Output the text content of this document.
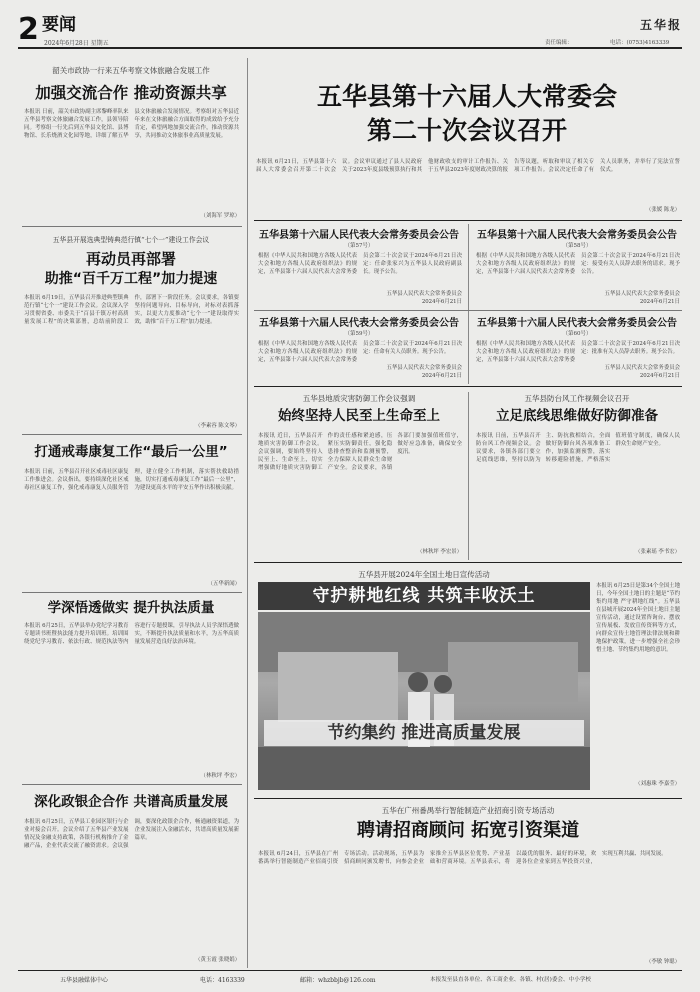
2 要闻
2024年6月28日 星期五
五华报
责任编辑：	电话：(0753)4163339
韶关市政协一行来五华考察文体旅融合发展工作
加强交流合作 推动资源共享
本报讯 日前，韶关市政协副主席黎峰率队来五华县考察文体旅融合发展工作，县领导陪同。考察组一行先后到五华县文化馆、县博物馆、长乐烧酒文化园等地，详细了解五华县文体旅融合发展情况。考察组对五华县近年来在文体旅融合方面取得的成效给予充分肯定，希望两地加强交流合作，推动资源共享，共同推动文体旅事业高质量发展。
（刘海军 罗琼）
五华县开展选典型铸典范行镇“七个一”建设工作会议
再动员再部署
助推“百千万工程”加力提速
本报讯 6月19日，五华县召开推进典型镇典范行镇“七个一”建设工作会议。会议深入学习贯彻省委、市委关于“百县千镇万村高质量发展工程”的决策部署，总结前阶段工作，部署下一阶段任务。会议要求，各镇要坚持问题导向、目标导向，对标对表抓落实，以更大力度推动“七个一”建设取得实效，助推“百千万工程”加力提速。
（李素容 陈文琴）
打通戒毒康复工作“最后一公里”
本报讯 日前，五华县召开社区戒毒社区康复工作推进会。会议指出，要持续深化社区戒毒社区康复工作，强化戒毒康复人员服务管理，建立健全工作机制，落实帮扶救助措施，切实打通戒毒康复工作“最后一公里”，为建设更高水平的平安五华作出积极贡献。
（五华新闻）
学深悟透做实 提升执法质量
本报讯 6月25日，五华县举办党纪学习教育专题读书班暨执法能力提升培训班。培训围绕党纪学习教育、依法行政、规范执法等内容进行专题授课，引导执法人员学深悟透做实，不断提升执法质量和水平，为五华高质量发展营造良好法治环境。
（林秋坪 李宏）
深化政银企合作 共谱高质量发展
本报讯 6月25日，五华县工业园区银行与企业对接会召开。会议介绍了五华县产业发展情况及金融支持政策，各银行机构推介了金融产品，企业代表交流了融资需求。会议强调，要深化政银企合作，畅通融资渠道，为企业发展注入金融活水，共谱高质量发展新篇章。
（黄玉霞 张晓娟）
五华县第十六届人大常委会
第二十次会议召开
本报讯 6月21日，五华县第十六届人大常委会召开第二十次会议。会议审议通过了县人民政府关于2023年度县级预算执行和其他财政收支的审计工作报告、关于五华县2023年度财政决算的报告等议题，听取和审议了相关专项工作报告。会议决定任命了有关人员职务，并举行了宪法宣誓仪式。
（张媛 陈龙）
五华县第十六届人民代表大会常务委员会公告
（第57号）
根据《中华人民共和国地方各级人民代表大会和地方各级人民政府组织法》的规定，五华县第十六届人民代表大会常务委员会第二十次会议于2024年6月21日决定：任命张家兴为五华县人民政府副县长。现予公告。
五华县人民代表大会常务委员会
2024年6月21日
五华县第十六届人民代表大会常务委员会公告
（第58号）
根据《中华人民共和国地方各级人民代表大会和地方各级人民政府组织法》的规定，五华县第十六届人民代表大会常务委员会第二十次会议于2024年6月21日决定：接受有关人员辞去职务的请求。现予公告。
五华县人民代表大会常务委员会
2024年6月21日
五华县第十六届人民代表大会常务委员会公告
（第59号）
根据《中华人民共和国地方各级人民代表大会和地方各级人民政府组织法》的规定，五华县第十六届人民代表大会常务委员会第二十次会议于2024年6月21日决定：任命有关人员职务。现予公告。
五华县人民代表大会常务委员会
2024年6月21日
五华县第十六届人民代表大会常务委员会公告
（第60号）
根据《中华人民共和国地方各级人民代表大会和地方各级人民政府组织法》的规定，五华县第十六届人民代表大会常务委员会第二十次会议于2024年6月21日决定：批准有关人员辞去职务。现予公告。
五华县人民代表大会常务委员会
2024年6月21日
五华县地质灾害防御工作会议强调
始终坚持人民至上生命至上
本报讯 近日，五华县召开地质灾害防御工作会议。会议强调，要始终坚持人民至上、生命至上，切实增强做好地质灾害防御工作的责任感和紧迫感，压紧压实防御责任，强化隐患排查整治和监测预警，全力保障人民群众生命财产安全。会议要求，各镇各部门要加强值班值守，做好应急准备，确保安全度汛。
（林秋坪 李宏景）
五华县防台风工作视频会议召开
立足底线思维做好防御准备
本报讯 日前，五华县召开防台风工作视频会议。会议要求，各镇各部门要立足底线思维，坚持以防为主、防抗救相结合，全面做好防御台风各项准备工作，加强监测预警，落实转移避险措施，严格落实值班值守制度，确保人民群众生命财产安全。
（张素瑶 李书宏）
五华县开展2024年全国土地日宣传活动
守护耕地红线 共筑丰收沃土
节约集约 推进高质量发展
本报讯 6月25日是第34个全国土地日，今年全国土地日的主题是“节约集约用地 严守耕地红线”。五华县在县城开展2024年全国土地日主题宣传活动，通过设置咨询台、摆放宣传展板、发放宣传资料等方式，向群众宣传土地管理法律法规和耕地保护政策，进一步增强全社会珍惜土地、节约集约用地的意识。
（刘惠珠 李嘉莹）
五华在广州番禺举行智能制造产业招商引资专场活动
聘请招商顾问 拓宽引资渠道
本报讯 6月24日，五华县在广州番禺举行智能制造产业招商引资专场活动。活动现场，五华县为招商顾问颁发聘书，向参会企业家推介五华县区位优势、产业基础和营商环境。五华县表示，将以最优的服务、最好的环境，欢迎各位企业家到五华投资兴业，实现互利共赢、共同发展。
（李敏 钟聪）
五华县融媒体中心	电话：4163339	邮箱：whzbbjb@126.com	本报发至县直各单位、各工商企业、各镇、村(居)委会、中小学校
